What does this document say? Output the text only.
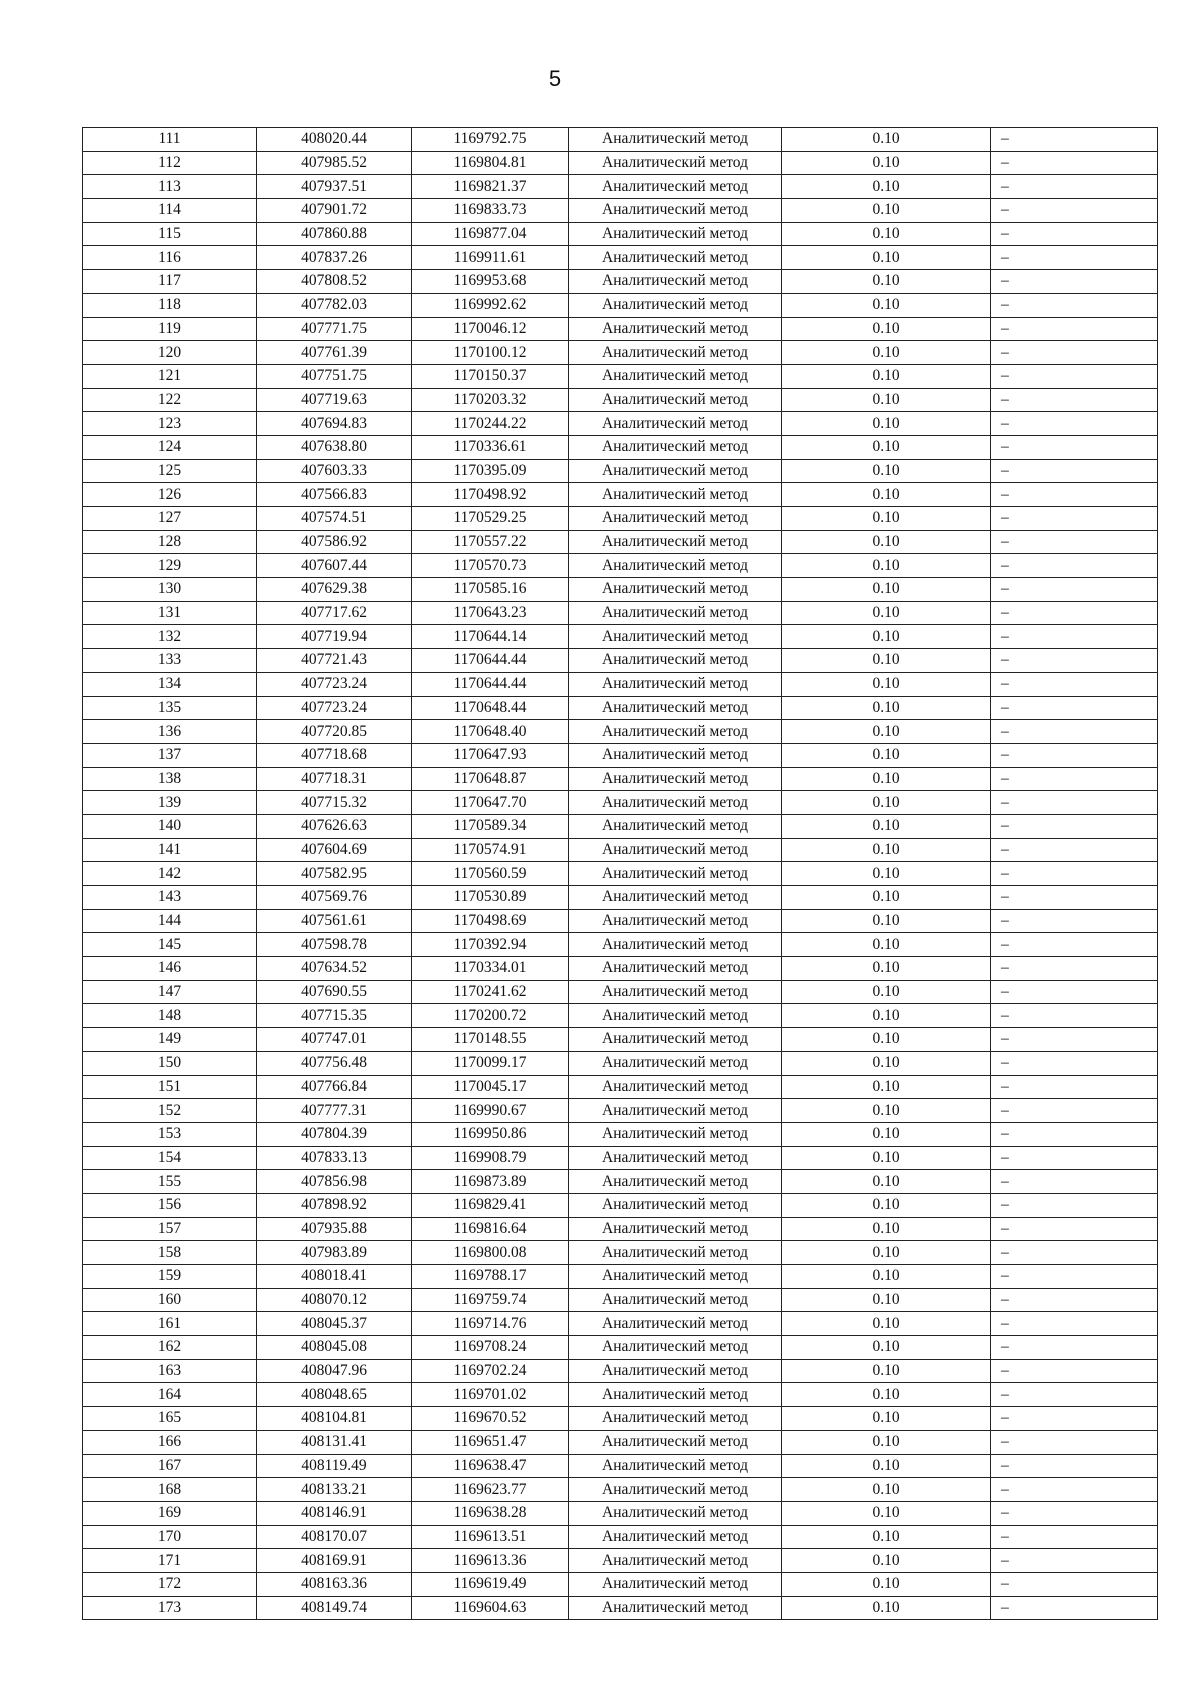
5
111	408020.44	1169792.75	Аналитический метод	0.10	–
112	407985.52	1169804.81	Аналитический метод	0.10	–
113	407937.51	1169821.37	Аналитический метод	0.10	–
114	407901.72	1169833.73	Аналитический метод	0.10	–
115	407860.88	1169877.04	Аналитический метод	0.10	–
116	407837.26	1169911.61	Аналитический метод	0.10	–
117	407808.52	1169953.68	Аналитический метод	0.10	–
118	407782.03	1169992.62	Аналитический метод	0.10	–
119	407771.75	1170046.12	Аналитический метод	0.10	–
120	407761.39	1170100.12	Аналитический метод	0.10	–
121	407751.75	1170150.37	Аналитический метод	0.10	–
122	407719.63	1170203.32	Аналитический метод	0.10	–
123	407694.83	1170244.22	Аналитический метод	0.10	–
124	407638.80	1170336.61	Аналитический метод	0.10	–
125	407603.33	1170395.09	Аналитический метод	0.10	–
126	407566.83	1170498.92	Аналитический метод	0.10	–
127	407574.51	1170529.25	Аналитический метод	0.10	–
128	407586.92	1170557.22	Аналитический метод	0.10	–
129	407607.44	1170570.73	Аналитический метод	0.10	–
130	407629.38	1170585.16	Аналитический метод	0.10	–
131	407717.62	1170643.23	Аналитический метод	0.10	–
132	407719.94	1170644.14	Аналитический метод	0.10	–
133	407721.43	1170644.44	Аналитический метод	0.10	–
134	407723.24	1170644.44	Аналитический метод	0.10	–
135	407723.24	1170648.44	Аналитический метод	0.10	–
136	407720.85	1170648.40	Аналитический метод	0.10	–
137	407718.68	1170647.93	Аналитический метод	0.10	–
138	407718.31	1170648.87	Аналитический метод	0.10	–
139	407715.32	1170647.70	Аналитический метод	0.10	–
140	407626.63	1170589.34	Аналитический метод	0.10	–
141	407604.69	1170574.91	Аналитический метод	0.10	–
142	407582.95	1170560.59	Аналитический метод	0.10	–
143	407569.76	1170530.89	Аналитический метод	0.10	–
144	407561.61	1170498.69	Аналитический метод	0.10	–
145	407598.78	1170392.94	Аналитический метод	0.10	–
146	407634.52	1170334.01	Аналитический метод	0.10	–
147	407690.55	1170241.62	Аналитический метод	0.10	–
148	407715.35	1170200.72	Аналитический метод	0.10	–
149	407747.01	1170148.55	Аналитический метод	0.10	–
150	407756.48	1170099.17	Аналитический метод	0.10	–
151	407766.84	1170045.17	Аналитический метод	0.10	–
152	407777.31	1169990.67	Аналитический метод	0.10	–
153	407804.39	1169950.86	Аналитический метод	0.10	–
154	407833.13	1169908.79	Аналитический метод	0.10	–
155	407856.98	1169873.89	Аналитический метод	0.10	–
156	407898.92	1169829.41	Аналитический метод	0.10	–
157	407935.88	1169816.64	Аналитический метод	0.10	–
158	407983.89	1169800.08	Аналитический метод	0.10	–
159	408018.41	1169788.17	Аналитический метод	0.10	–
160	408070.12	1169759.74	Аналитический метод	0.10	–
161	408045.37	1169714.76	Аналитический метод	0.10	–
162	408045.08	1169708.24	Аналитический метод	0.10	–
163	408047.96	1169702.24	Аналитический метод	0.10	–
164	408048.65	1169701.02	Аналитический метод	0.10	–
165	408104.81	1169670.52	Аналитический метод	0.10	–
166	408131.41	1169651.47	Аналитический метод	0.10	–
167	408119.49	1169638.47	Аналитический метод	0.10	–
168	408133.21	1169623.77	Аналитический метод	0.10	–
169	408146.91	1169638.28	Аналитический метод	0.10	–
170	408170.07	1169613.51	Аналитический метод	0.10	–
171	408169.91	1169613.36	Аналитический метод	0.10	–
172	408163.36	1169619.49	Аналитический метод	0.10	–
173	408149.74	1169604.63	Аналитический метод	0.10	–
